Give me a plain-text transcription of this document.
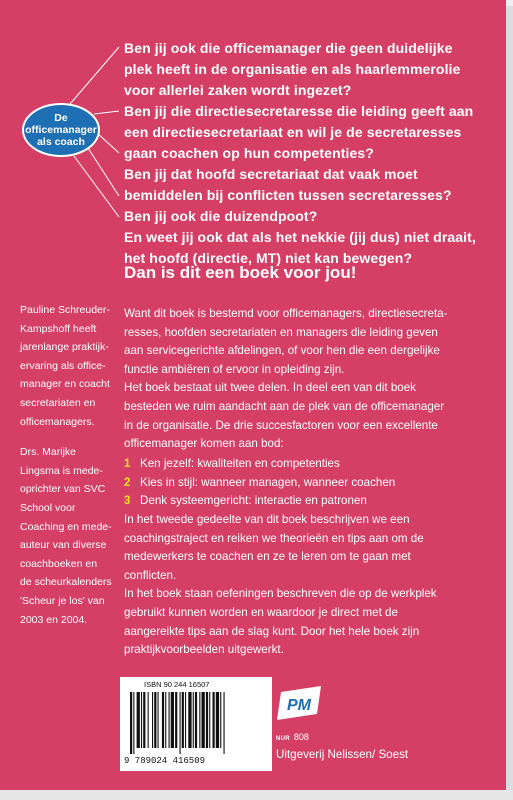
De
officemanager
als coach
Ben jij ook die officemanager die geen duidelijke
plek heeft in de organisatie en als haarlemmerolie
voor allerlei zaken wordt ingezet?
Ben jij die directiesecretaresse die leiding geeft aan
een directiesecretariaat en wil je de secretaresses
gaan coachen op hun competenties?
Ben jij dat hoofd secretariaat dat vaak moet
bemiddelen bij conflicten tussen secretaresses?
Ben jij ook die duizendpoot?
En weet jij ook dat als het nekkie (jij dus) niet draait,
het hoofd (directie, MT) niet kan bewegen?
Dan is dit een boek voor jou!
Pauline Schreuder-
Kampshoff heeft
jarenlange praktijk-
ervaring als office-
manager en coacht
secretariaten en
officemanagers.
Drs. Marijke
Lingsma is mede-
oprichter van SVC
School voor
Coaching en mede-
auteur van diverse
coachboeken en
de scheurkalenders
'Scheur je los' van
2003 en 2004.
Want dit boek is bestemd voor officemanagers, directiesecreta-
resses, hoofden secretariaten en managers die leiding geven
aan servicegerichte afdelingen, of voor hen die een dergelijke
functie ambiëren of ervoor in opleiding zijn.
Het boek bestaat uit twee delen. In deel een van dit boek
besteden we ruim aandacht aan de plek van de officemanager
in de organisatie. De drie succesfactoren voor een excellente
officemanager komen aan bod:
1 Ken jezelf: kwaliteiten en competenties
2 Kies in stijl: wanneer managen, wanneer coachen
3 Denk systeemgericht: interactie en patronen
In het tweede gedeelte van dit boek beschrijven we een
coachingstraject en reiken we theorieën en tips aan om de
medewerkers te coachen en ze te leren om te gaan met
conflicten.
In het boek staan oefeningen beschreven die op de werkplek
gebruikt kunnen worden en waardoor je direct met de
aangereikte tips aan de slag kunt. Door het hele boek zijn
praktijkvoorbeelden uitgewerkt.
ISBN 90 244 16507
9 789024 416509
PM
NUR 808
Uitgeverij Nelissen/ Soest
